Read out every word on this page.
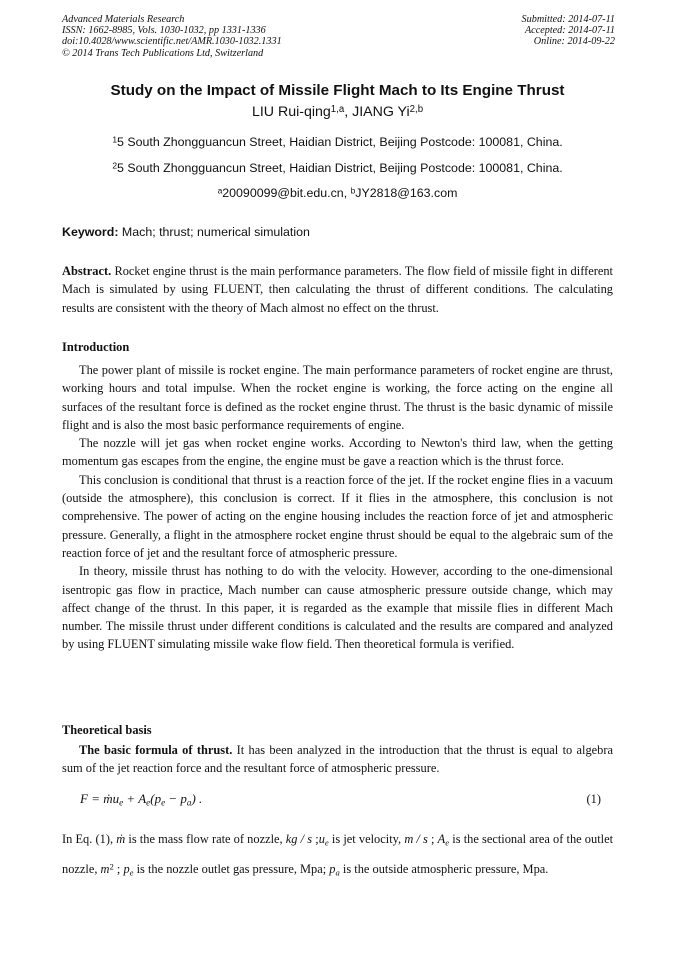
Advanced Materials Research
ISSN: 1662-8985, Vols. 1030-1032, pp 1331-1336
doi:10.4028/www.scientific.net/AMR.1030-1032.1331
© 2014 Trans Tech Publications Ltd, Switzerland
Submitted: 2014-07-11
Accepted: 2014-07-11
Online: 2014-09-22
Study on the Impact of Missile Flight Mach to Its Engine Thrust
LIU Rui-qing$^{1,a}$, JIANG Yi$^{2,b}$
$^1$5 South Zhongguancun Street, Haidian District, Beijing Postcode: 100081, China.
$^2$5 South Zhongguancun Street, Haidian District, Beijing Postcode: 100081, China.
$^a$20090099@bit.edu.cn, $^b$JY2818@163.com
Keyword: Mach; thrust; numerical simulation
Abstract. Rocket engine thrust is the main performance parameters. The flow field of missile fight in different Mach is simulated by using FLUENT, then calculating the thrust of different conditions. The calculating results are consistent with the theory of Mach almost no effect on the thrust.
Introduction

The power plant of missile is rocket engine. The main performance parameters of rocket engine are thrust, working hours and total impulse. When the rocket engine is working, the force acting on the engine all surfaces of the resultant force is defined as the rocket engine thrust. The thrust is the basic dynamic of missile flight and is also the most basic performance requirements of engine.

The nozzle will jet gas when rocket engine works. According to Newton's third law, when the getting momentum gas escapes from the engine, the engine must be gave a reaction which is the thrust force.

This conclusion is conditional that thrust is a reaction force of the jet. If the rocket engine flies in a vacuum (outside the atmosphere), this conclusion is correct. If it flies in the atmosphere, this conclusion is not comprehensive. The power of acting on the engine housing includes the reaction force of jet and atmospheric pressure. Generally, a flight in the atmosphere rocket engine thrust should be equal to the algebraic sum of the reaction force of jet and the resultant force of atmospheric pressure.

In theory, missile thrust has nothing to do with the velocity. However, according to the one-dimensional isentropic gas flow in practice, Mach number can cause atmospheric pressure outside change, which may affect change of the thrust. In this paper, it is regarded as the example that missile flies in different Mach number. The missile thrust under different conditions is calculated and the results are compared and analyzed by using FLUENT simulating missile wake flow field. Then theoretical formula is verified.

Theoretical basis

The basic formula of thrust. It has been analyzed in the introduction that the thrust is equal to algebra sum of the jet reaction force and the resultant force of atmospheric pressure.

F = ṁu$_e$ + $A_e(p_e - p_a)$ .	(1)
In Eq. (1), ṁ is the mass flow rate of nozzle, kg / s $;u_e$ is jet velocity, m / s ; $A_e$ is the sectional area of the outlet nozzle, $m^2$ ; $p_e$ is the nozzle outlet gas pressure, Mpa; $p_a$ is the outside atmospheric pressure, Mpa.
